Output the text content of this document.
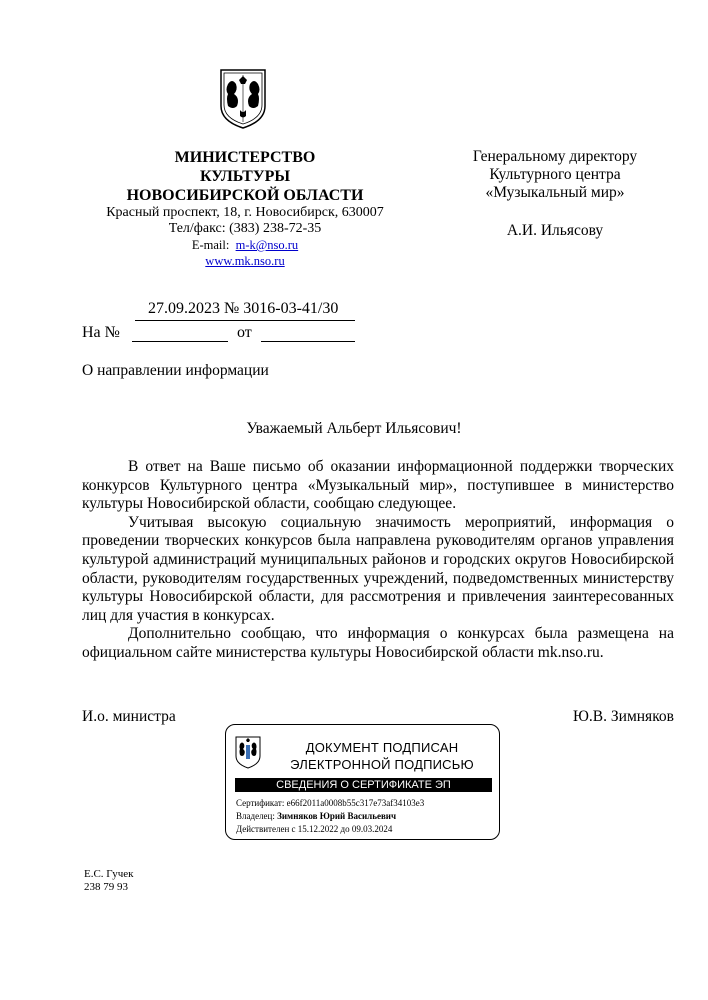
МИНИСТЕРСТВО
КУЛЬТУРЫ
НОВОСИБИРСКОЙ ОБЛАСТИ
Красный проспект, 18, г. Новосибирск, 630007
Тел/факс: (383) 238-72-35
E-mail: m-k@nso.ru
www.mk.nso.ru
Генеральному директору
Культурного центра
«Музыкальный мир»
А.И. Ильясову
27.09.2023 № 3016-03-41/30
На №	от
О направлении информации
Уважаемый Альберт Ильясович!

В ответ на Ваше письмо об оказании информационной поддержки творческих конкурсов Культурного центра «Музыкальный мир», поступившее в министерство культуры Новосибирской области, сообщаю следующее.

Учитывая высокую социальную значимость мероприятий, информация о проведении творческих конкурсов была направлена руководителям органов управления культурой администраций муниципальных районов и городских округов Новосибирской области, руководителям государственных учреждений, подведомственных министерству культуры Новосибирской области, для рассмотрения и привлечения заинтересованных лиц для участия в конкурсах.

Дополнительно сообщаю, что информация о конкурсах была размещена на официальном сайте министерства культуры Новосибирской области mk.nso.ru.

И.о. министра	Ю.В. Зимняков
ДОКУМЕНТ ПОДПИСАН
ЭЛЕКТРОННОЙ ПОДПИСЬЮ
СВЕДЕНИЯ О СЕРТИФИКАТЕ ЭП
Сертификат: e66f2011a0008b55c317e73af34103e3
Владелец: Зимняков Юрий Васильевич
Действителен с 15.12.2022 до 09.03.2024
Е.С. Гучек
238 79 93
